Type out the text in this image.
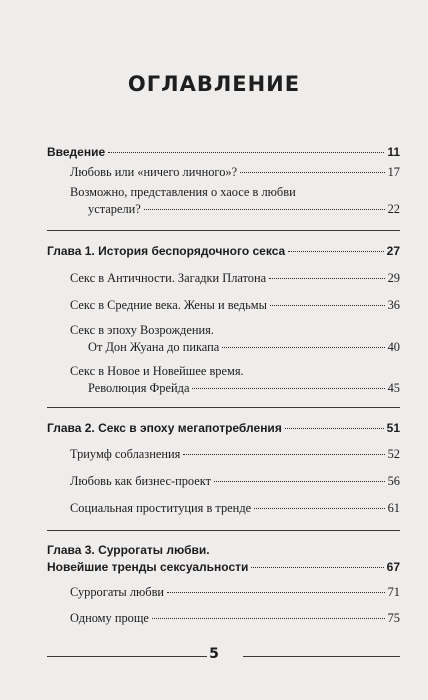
ОГЛАВЛЕНИЕ
Введение	11
Любовь или «ничего личного»?	17
Возможно, представления о хаосе в любви
устарели?	22
Глава 1. История беспорядочного секса	27
Секс в Античности. Загадки Платона	29
Секс в Средние века. Жены и ведьмы	36
Секс в эпоху Возрождения.
От Дон Жуана до пикапа	40
Секс в Новое и Новейшее время.
Революция Фрейда	45
Глава 2. Секс в эпоху мегапотребления	51
Триумф соблазнения	52
Любовь как бизнес-проект	56
Социальная проституция в тренде	61
Глава 3. Суррогаты любви.
Новейшие тренды сексуальности	67
Суррогаты любви	71
Одному проще	75
5
